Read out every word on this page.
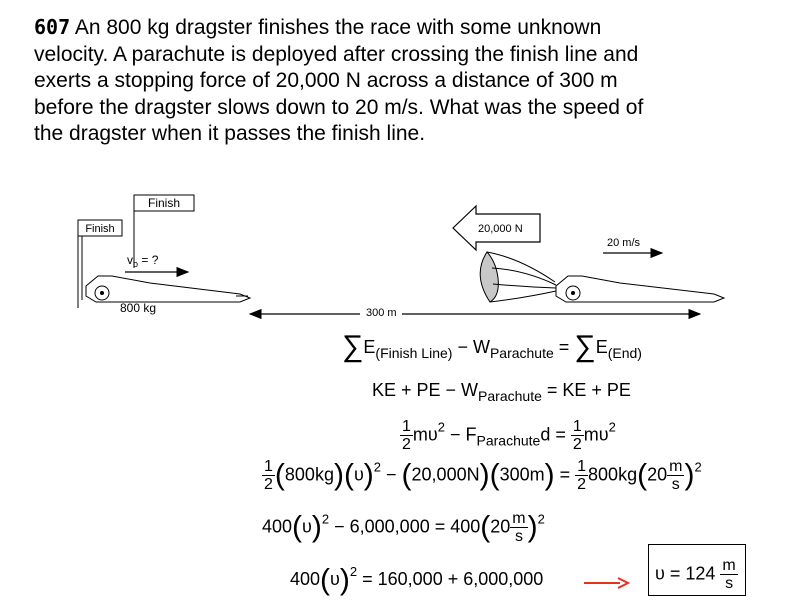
607 An 800 kg dragster finishes the race with some unknown velocity. A parachute is deployed after crossing the finish line and exerts a stopping force of 20,000 N across a distance of 300 m before the dragster slows down to 20 m/s. What was the speed of the dragster when it passes the finish line.
Finish
Finish
$v_o$ = ?
800 kg
20,000 N
20 m/s
300 m
$\sum E_{(Finish Line)} - W_{Parachute} = \sum E_{(End)}$
KE + PE − $W_{Parachute}$ = KE + PE
$\frac{1}{2} m\upsilon^2 - F_{Parachute}d = \frac{1}{2} m\upsilon^2$
$\frac{1}{2} (800kg)(\upsilon)^2 - (20,000N)(300m) = \frac{1}{2} 800kg(20 \frac{m}{s} )^2$
$400(\upsilon)^2 - 6,000,000 = 400(20 \frac{m}{s} )^2$
$400(\upsilon)^2 = 160,000 + 6,000,000$	$\upsilon = 124 \frac{m}{s}$
